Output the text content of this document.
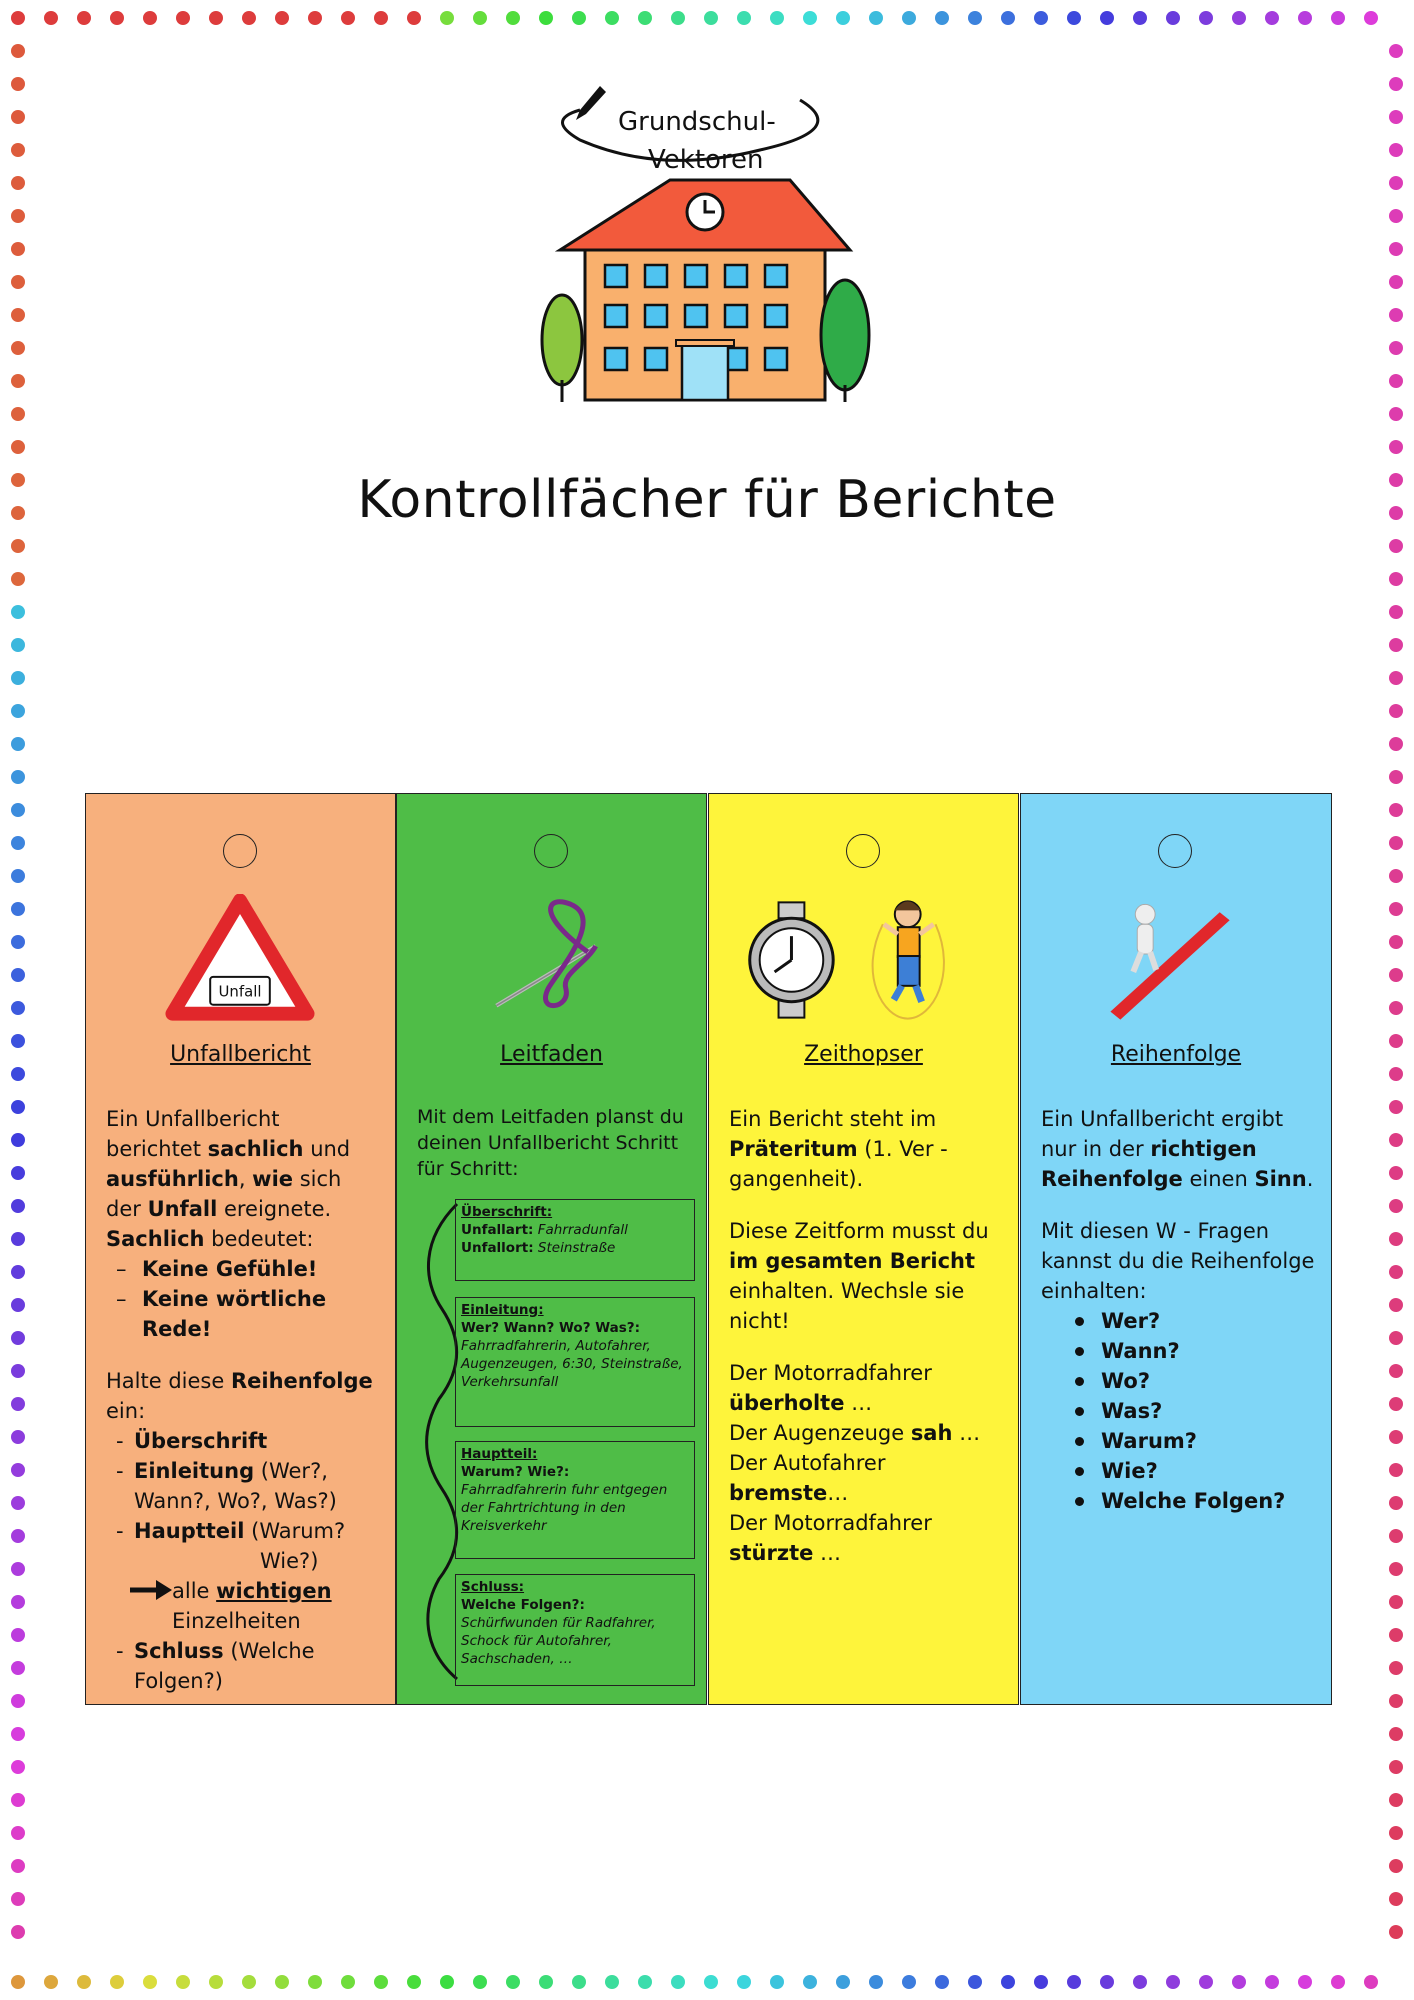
Grundschul-
Vektoren
Kontrollfächer für Berichte
Unfall
Unfallbericht

Ein Unfallbericht berichtet sachlich und ausführlich, wie sich der Unfall ereignete.

Sachlich bedeutet:

– Keine Gefühle!
– Keine wörtliche Rede!

Halte diese Reihenfolge ein:

- Überschrift
- Einleitung (Wer?, Wann?, Wo?, Was?)
- Hauptteil (Warum?
Wie?)
alle wichtigen
Einzelheiten
- Schluss (Welche Folgen?)
Leitfaden
Mit dem Leitfaden planst du deinen Unfallbericht Schritt für Schritt:
Überschrift:
Unfallart: Fahrradunfall
Unfallort: Steinstraße
Einleitung:
Wer? Wann? Wo? Was?:
Fahrradfahrerin, Autofahrer, Augenzeugen, 6:30, Steinstraße, Verkehrsunfall
Hauptteil:
Warum? Wie?:
Fahrradfahrerin fuhr entgegen der Fahrtrichtung in den Kreisverkehr
Schluss:
Welche Folgen?:
Schürfwunden für Radfahrer, Schock für Autofahrer, Sachschaden, …
Zeithopser

Ein Bericht steht im Präteritum (1. Ver - gangenheit).

Diese Zeitform musst du im gesamten Bericht einhalten. Wechsle sie nicht!

Der Motorradfahrer überholte …

Der Augenzeuge sah …

Der Autofahrer bremste…

Der Motorradfahrer stürzte …

Reihenfolge

Ein Unfallbericht ergibt nur in der richtigen Reihenfolge einen Sinn.

Mit diesen W - Fragen kannst du die Reihenfolge einhalten:

Wer?
Wann?
Wo?
Was?
Warum?
Wie?
Welche Folgen?
